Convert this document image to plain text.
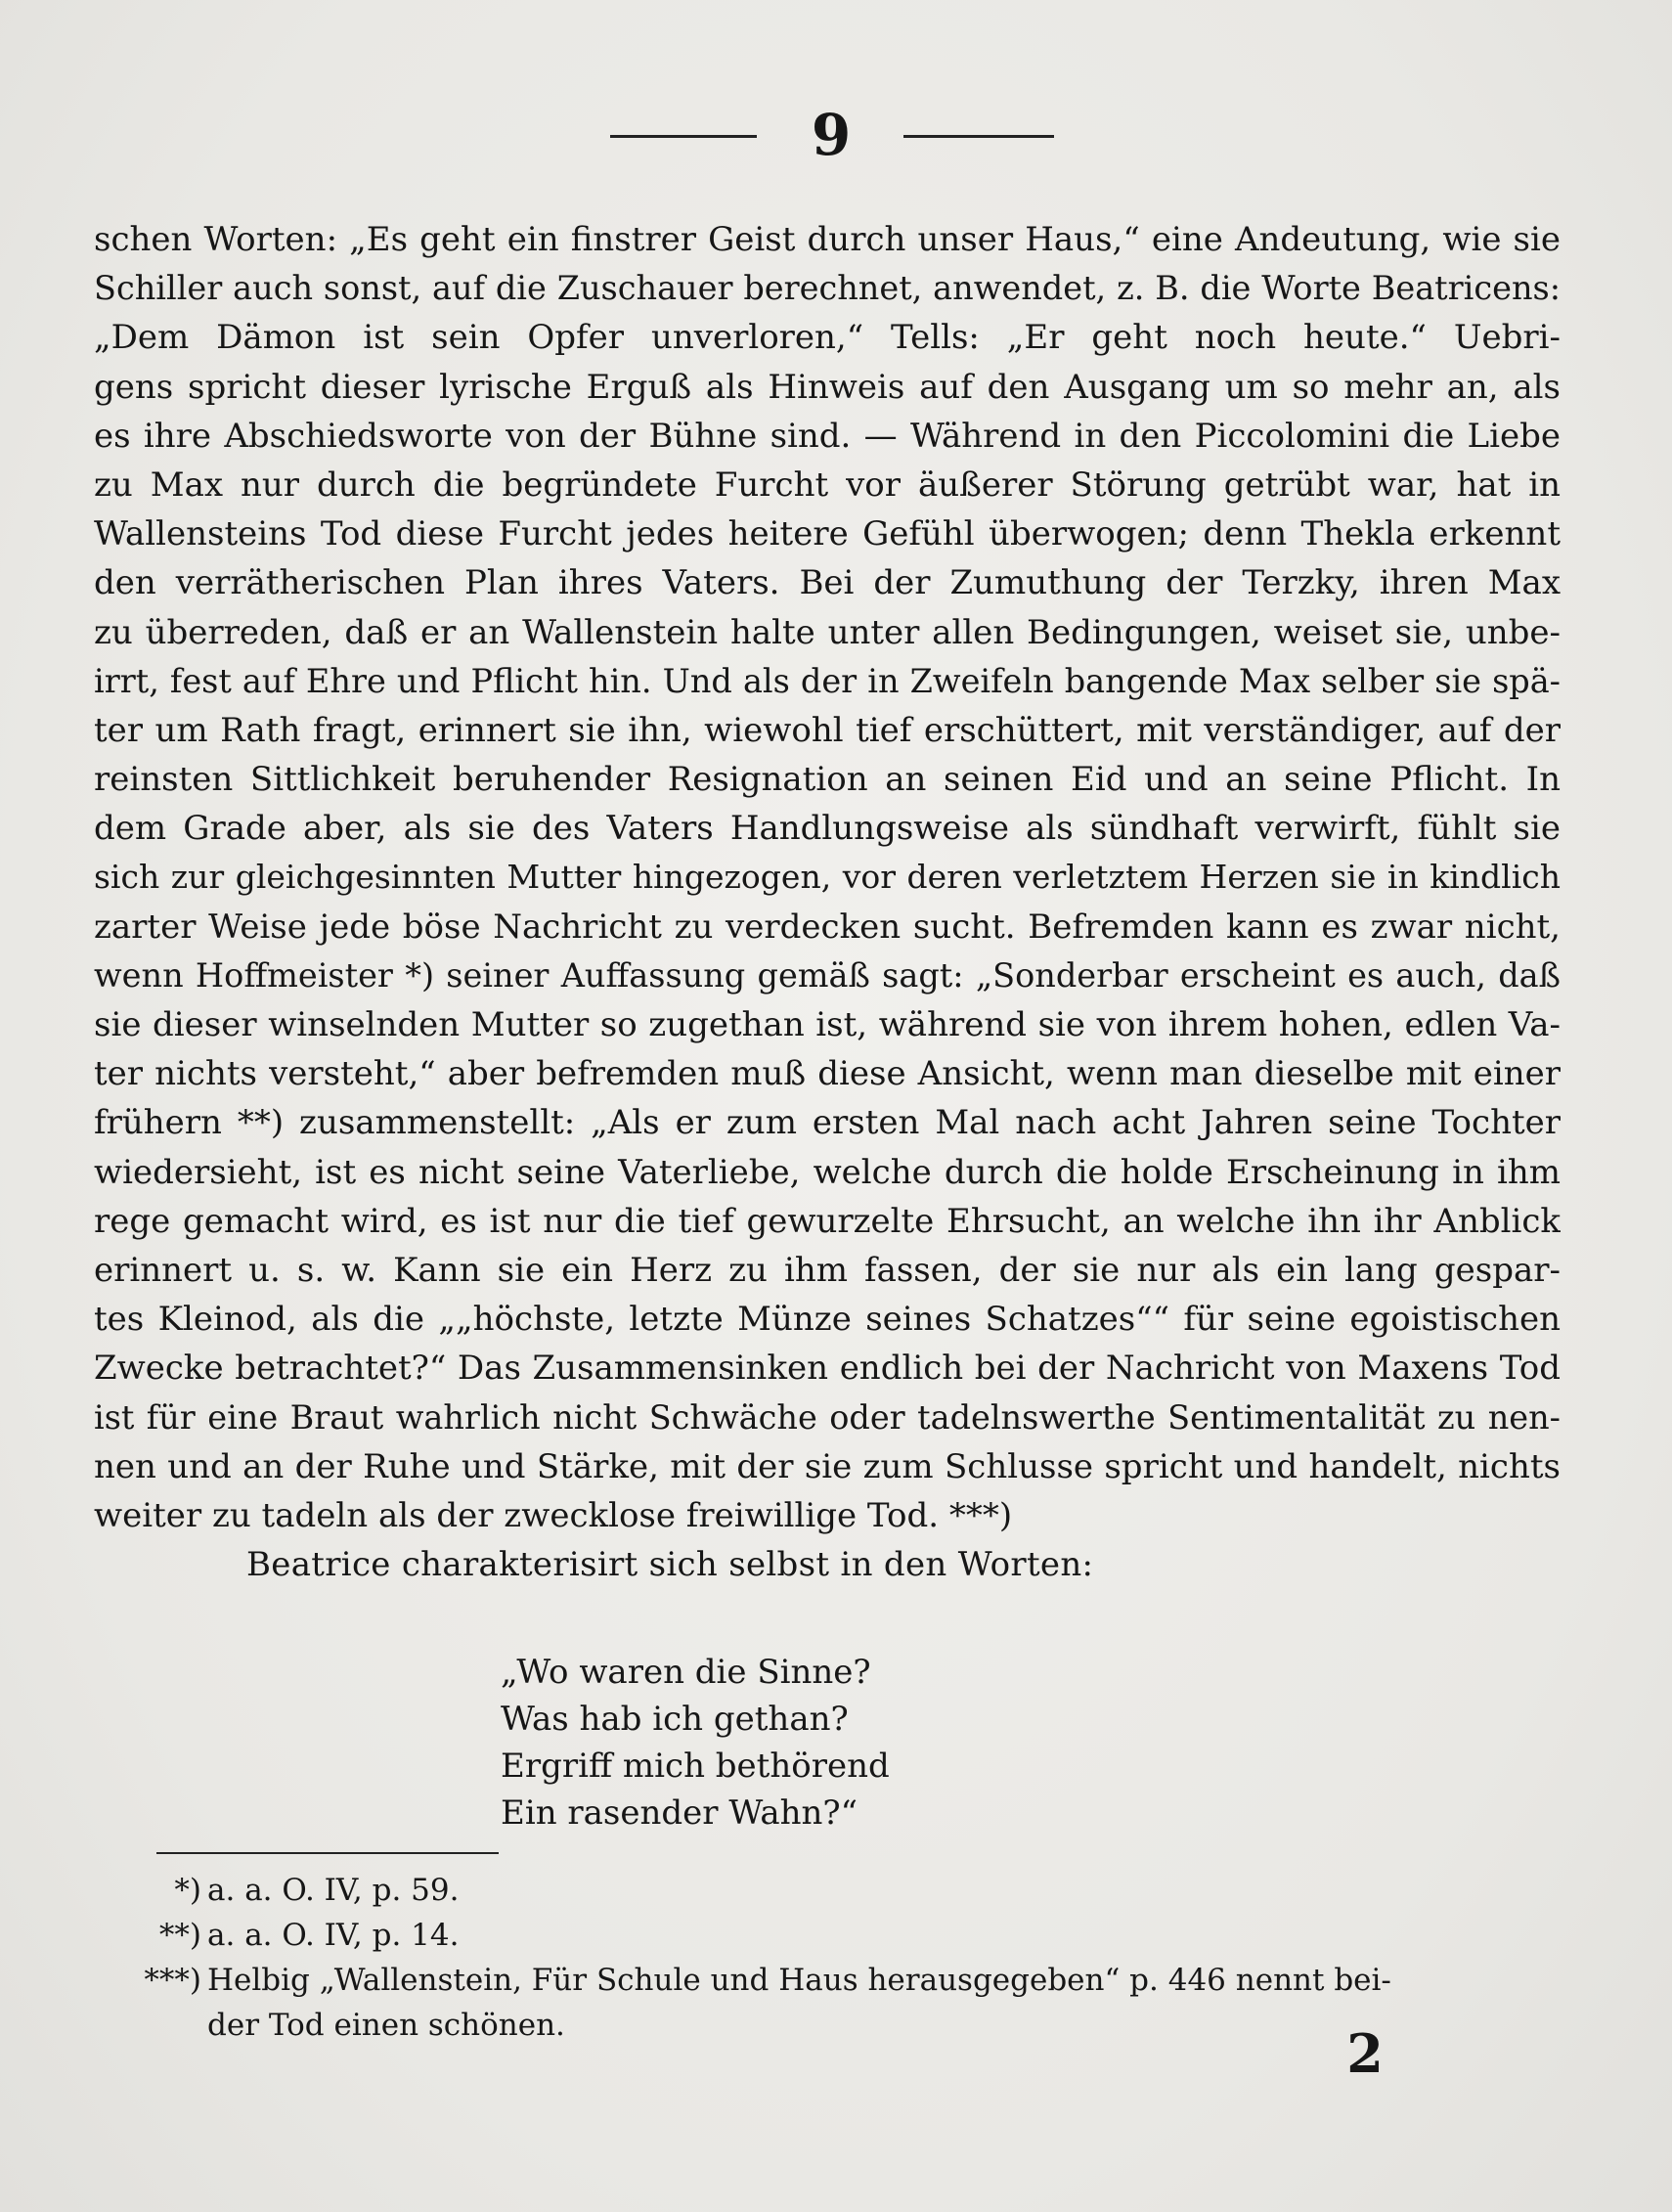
9
schen Worten: „Es geht ein finstrer Geist durch unser Haus,“ eine Andeutung, wie sie
Schiller auch sonst, auf die Zuschauer berechnet, anwendet, z. B. die Worte Beatricens:
„Dem Dämon ist sein Opfer unverloren,“ Tells: „Er geht noch heute.“ Uebri-
gens spricht dieser lyrische Erguß als Hinweis auf den Ausgang um so mehr an, als
es ihre Abschiedsworte von der Bühne sind. — Während in den Piccolomini die Liebe
zu Max nur durch die begründete Furcht vor äußerer Störung getrübt war, hat in
Wallensteins Tod diese Furcht jedes heitere Gefühl überwogen; denn Thekla erkennt
den verrätherischen Plan ihres Vaters. Bei der Zumuthung der Terzky, ihren Max
zu überreden, daß er an Wallenstein halte unter allen Bedingungen, weiset sie, unbe-
irrt, fest auf Ehre und Pflicht hin. Und als der in Zweifeln bangende Max selber sie spä-
ter um Rath fragt, erinnert sie ihn, wiewohl tief erschüttert, mit verständiger, auf der
reinsten Sittlichkeit beruhender Resignation an seinen Eid und an seine Pflicht. In
dem Grade aber, als sie des Vaters Handlungsweise als sündhaft verwirft, fühlt sie
sich zur gleichgesinnten Mutter hingezogen, vor deren verletztem Herzen sie in kindlich
zarter Weise jede böse Nachricht zu verdecken sucht. Befremden kann es zwar nicht,
wenn Hoffmeister *) seiner Auffassung gemäß sagt: „Sonderbar erscheint es auch, daß
sie dieser winselnden Mutter so zugethan ist, während sie von ihrem hohen, edlen Va-
ter nichts versteht,“ aber befremden muß diese Ansicht, wenn man dieselbe mit einer
frühern **) zusammenstellt: „Als er zum ersten Mal nach acht Jahren seine Tochter
wiedersieht, ist es nicht seine Vaterliebe, welche durch die holde Erscheinung in ihm
rege gemacht wird, es ist nur die tief gewurzelte Ehrsucht, an welche ihn ihr Anblick
erinnert u. s. w. Kann sie ein Herz zu ihm fassen, der sie nur als ein lang gespar-
tes Kleinod, als die „„höchste, letzte Münze seines Schatzes““ für seine egoistischen
Zwecke betrachtet?“ Das Zusammensinken endlich bei der Nachricht von Maxens Tod
ist für eine Braut wahrlich nicht Schwäche oder tadelnswerthe Sentimentalität zu nen-
nen und an der Ruhe und Stärke, mit der sie zum Schlusse spricht und handelt, nichts
weiter zu tadeln als der zwecklose freiwillige Tod. ***)
Beatrice charakterisirt sich selbst in den Worten:
„Wo waren die Sinne?
Was hab ich gethan?
Ergriff mich bethörend
Ein rasender Wahn?“
*) a. a. O. IV, p. 59.
**) a. a. O. IV, p. 14.
***) Helbig „Wallenstein, Für Schule und Haus herausgegeben“ p. 446 nennt bei-
der Tod einen schönen.	2
